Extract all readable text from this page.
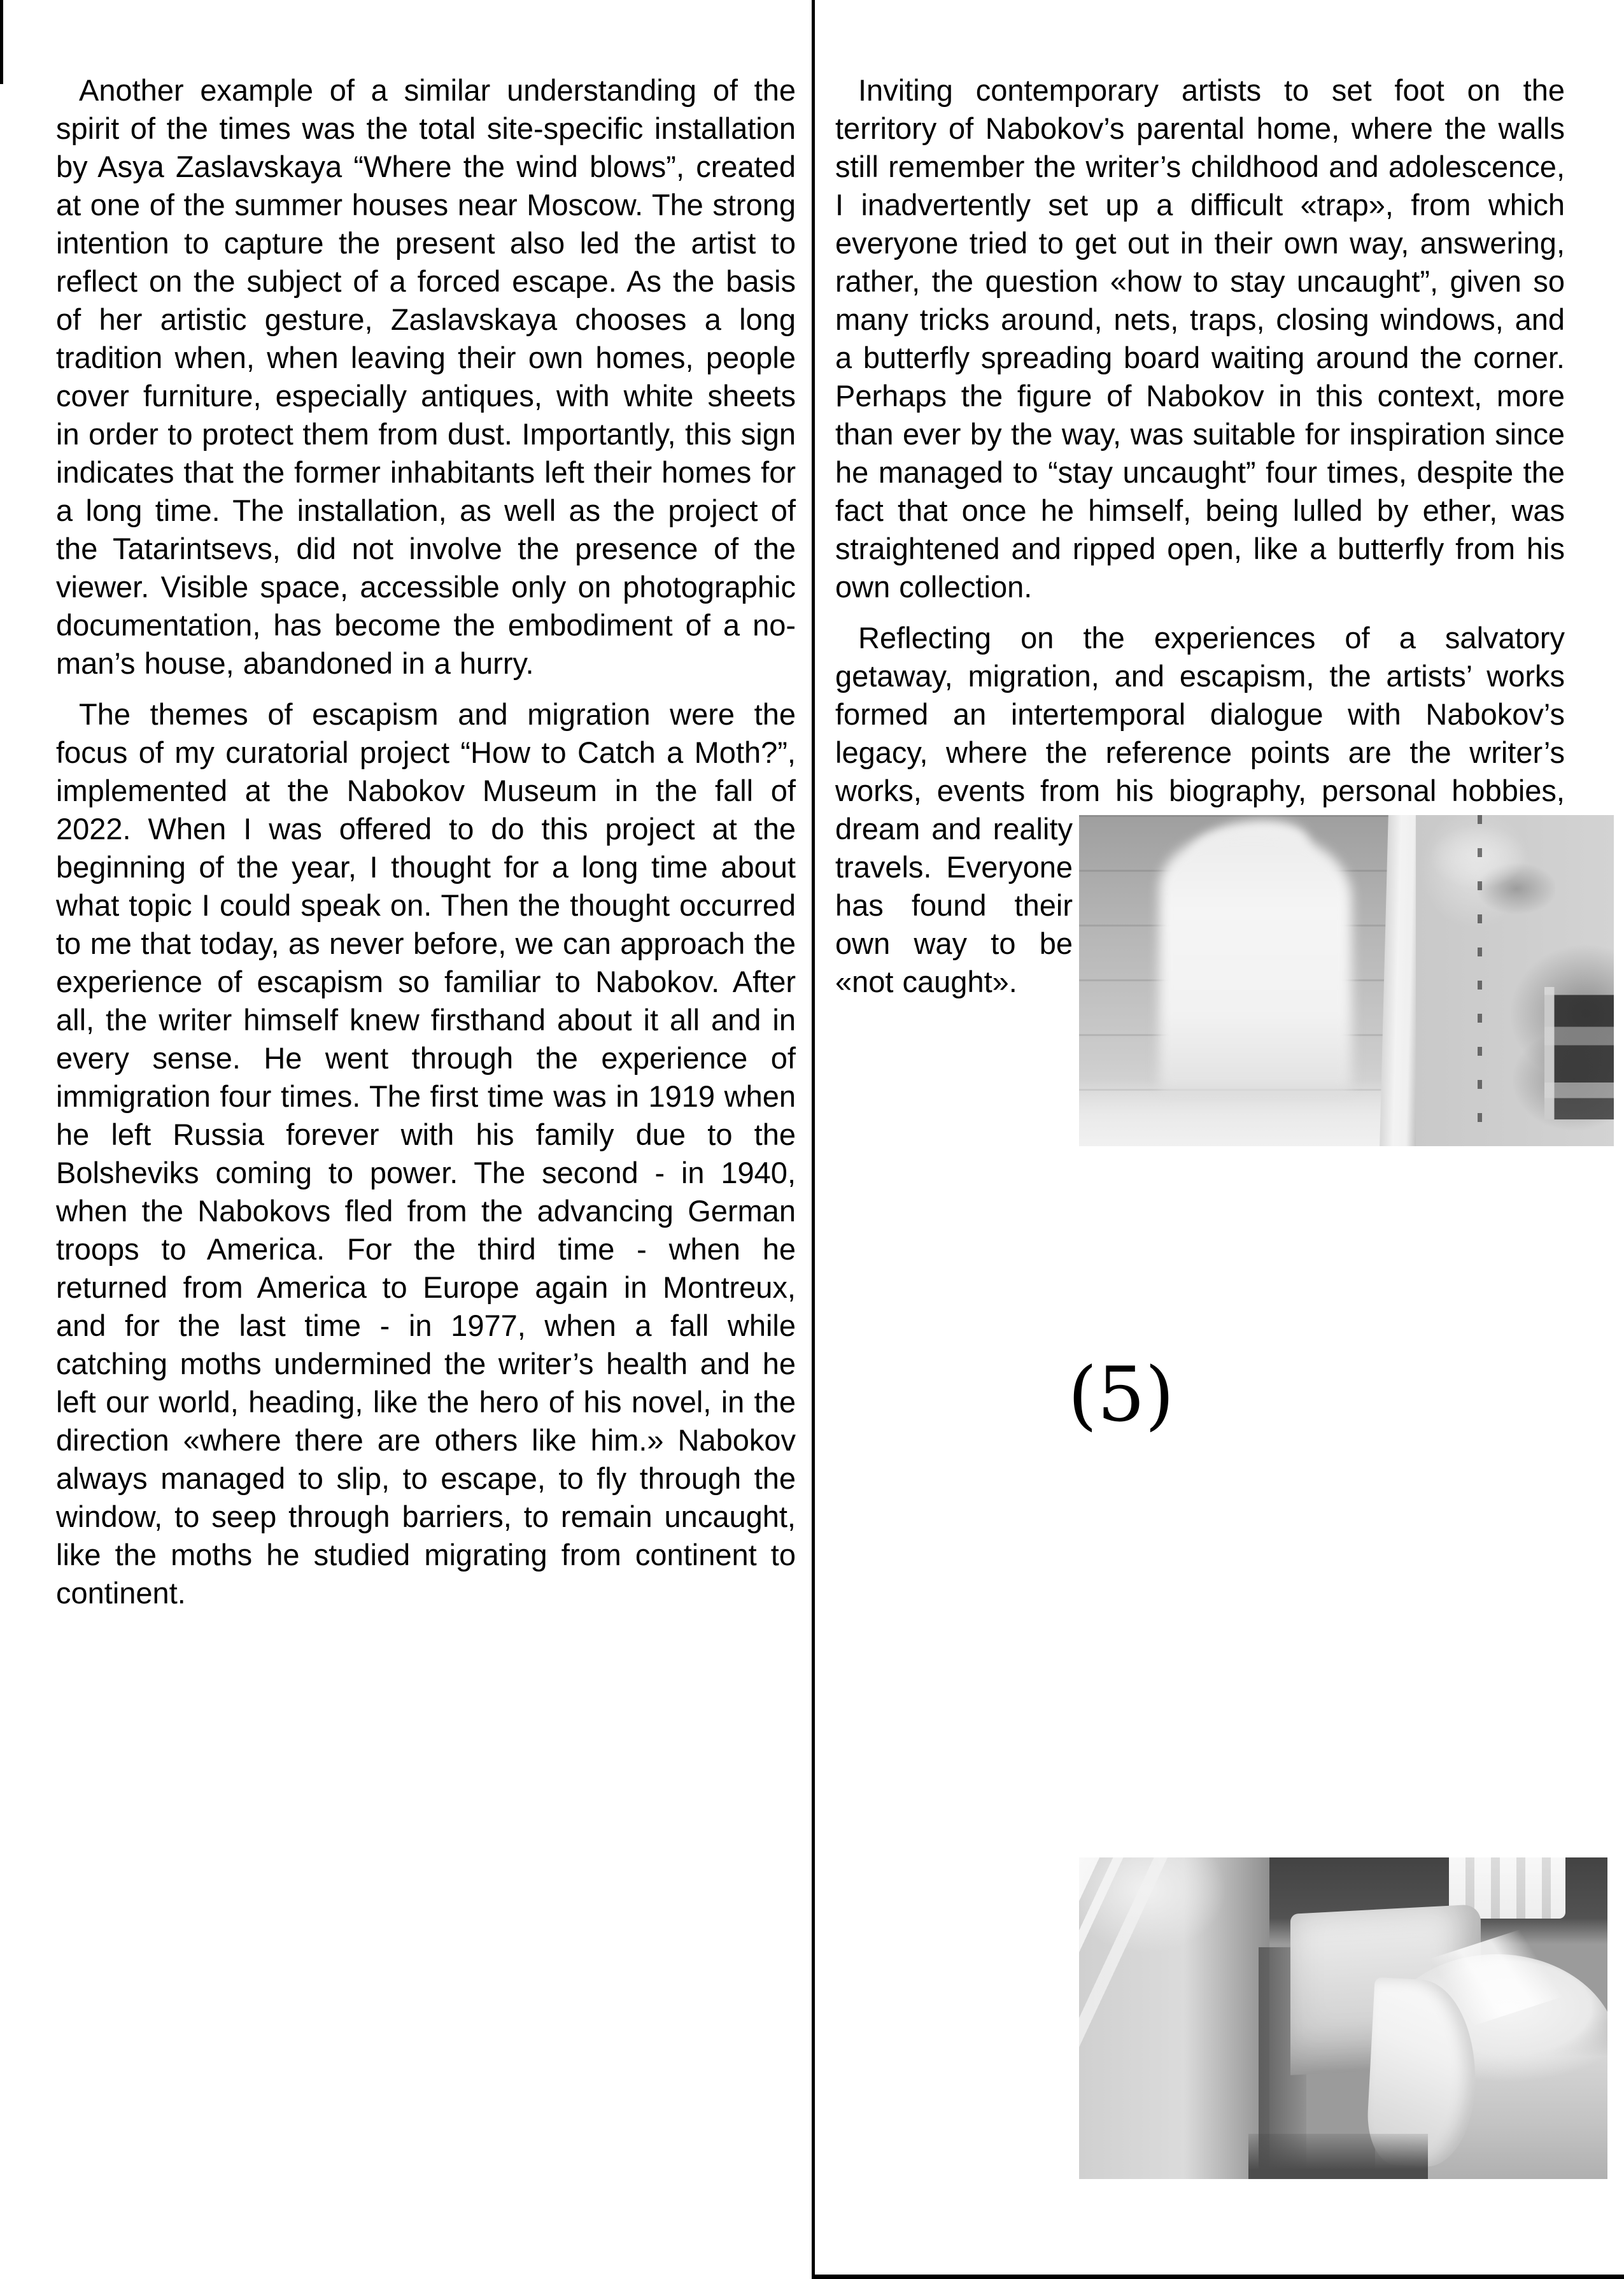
Another example of a similar understanding of the spirit of the times was the total site-specific installation by Asya Zaslavskaya “Where the wind blows”, created at one of the summer houses near Moscow. The strong intention to capture the present also led the artist to reflect on the subject of a forced escape. As the basis of her artistic gesture, Zaslavskaya chooses a long tradition when, when leaving their own homes, people cover furniture, especially antiques, with white sheets in order to protect them from dust. Importantly, this sign indicates that the former inhabitants left their homes for a long time. The installation, as well as the project of the Tatarintsevs, did not involve the presence of the viewer. Visible space, accessible only on photographic documentation, has become the embodiment of a no-man’s house, abandoned in a hurry.

The themes of escapism and migration were the focus of my curatorial project “How to Catch a Moth?”, implemented at the Nabokov Museum in the fall of 2022. When I was offered to do this project at the beginning of the year, I thought for a long time about what topic I could speak on. Then the thought occurred to me that today, as never before, we can approach the experience of escapism so familiar to Nabokov. After all, the writer himself knew firsthand about it all and in every sense. He went through the experience of immigration four times. The first time was in 1919 when he left Russia forever with his family due to the Bolsheviks coming to power. The second - in 1940, when the Nabokovs fled from the advancing German troops to America. For the third time - when he returned from America to Europe again in Montreux, and for the last time - in 1977, when a fall while catching moths undermined the writer’s health and he left our world, heading, like the hero of his novel, in the direction «where there are others like him.» Nabokov always managed to slip, to escape, to fly through the window, to seep through barriers, to remain uncaught, like the moths he studied migrating from continent to continent.

Inviting contemporary artists to set foot on the territory of Nabokov’s parental home, where the walls still remember the writer’s childhood and adolescence, I inadvertently set up a difficult «trap», from which everyone tried to get out in their own way, answering, rather, the question «how to stay uncaught”, given so many tricks around, nets, traps, closing windows, and a butterfly spreading board waiting around the corner. Perhaps the figure of Nabokov in this context, more than ever by the way, was suitable for inspiration since he managed to “stay uncaught” four times, despite the fact that once he himself, being lulled by ether, was straightened and ripped open, like a butterfly from his own collection.

Reflecting on the experiences of a salvatory getaway, migration, and escapism, the artists’ works formed an intertemporal dialogue with Nabokov’s legacy, where the reference points are the writer’s works, events from his biography, personal hobbies,
dream and reality travels. Everyone has found their own way to be «not caught».

(5)
